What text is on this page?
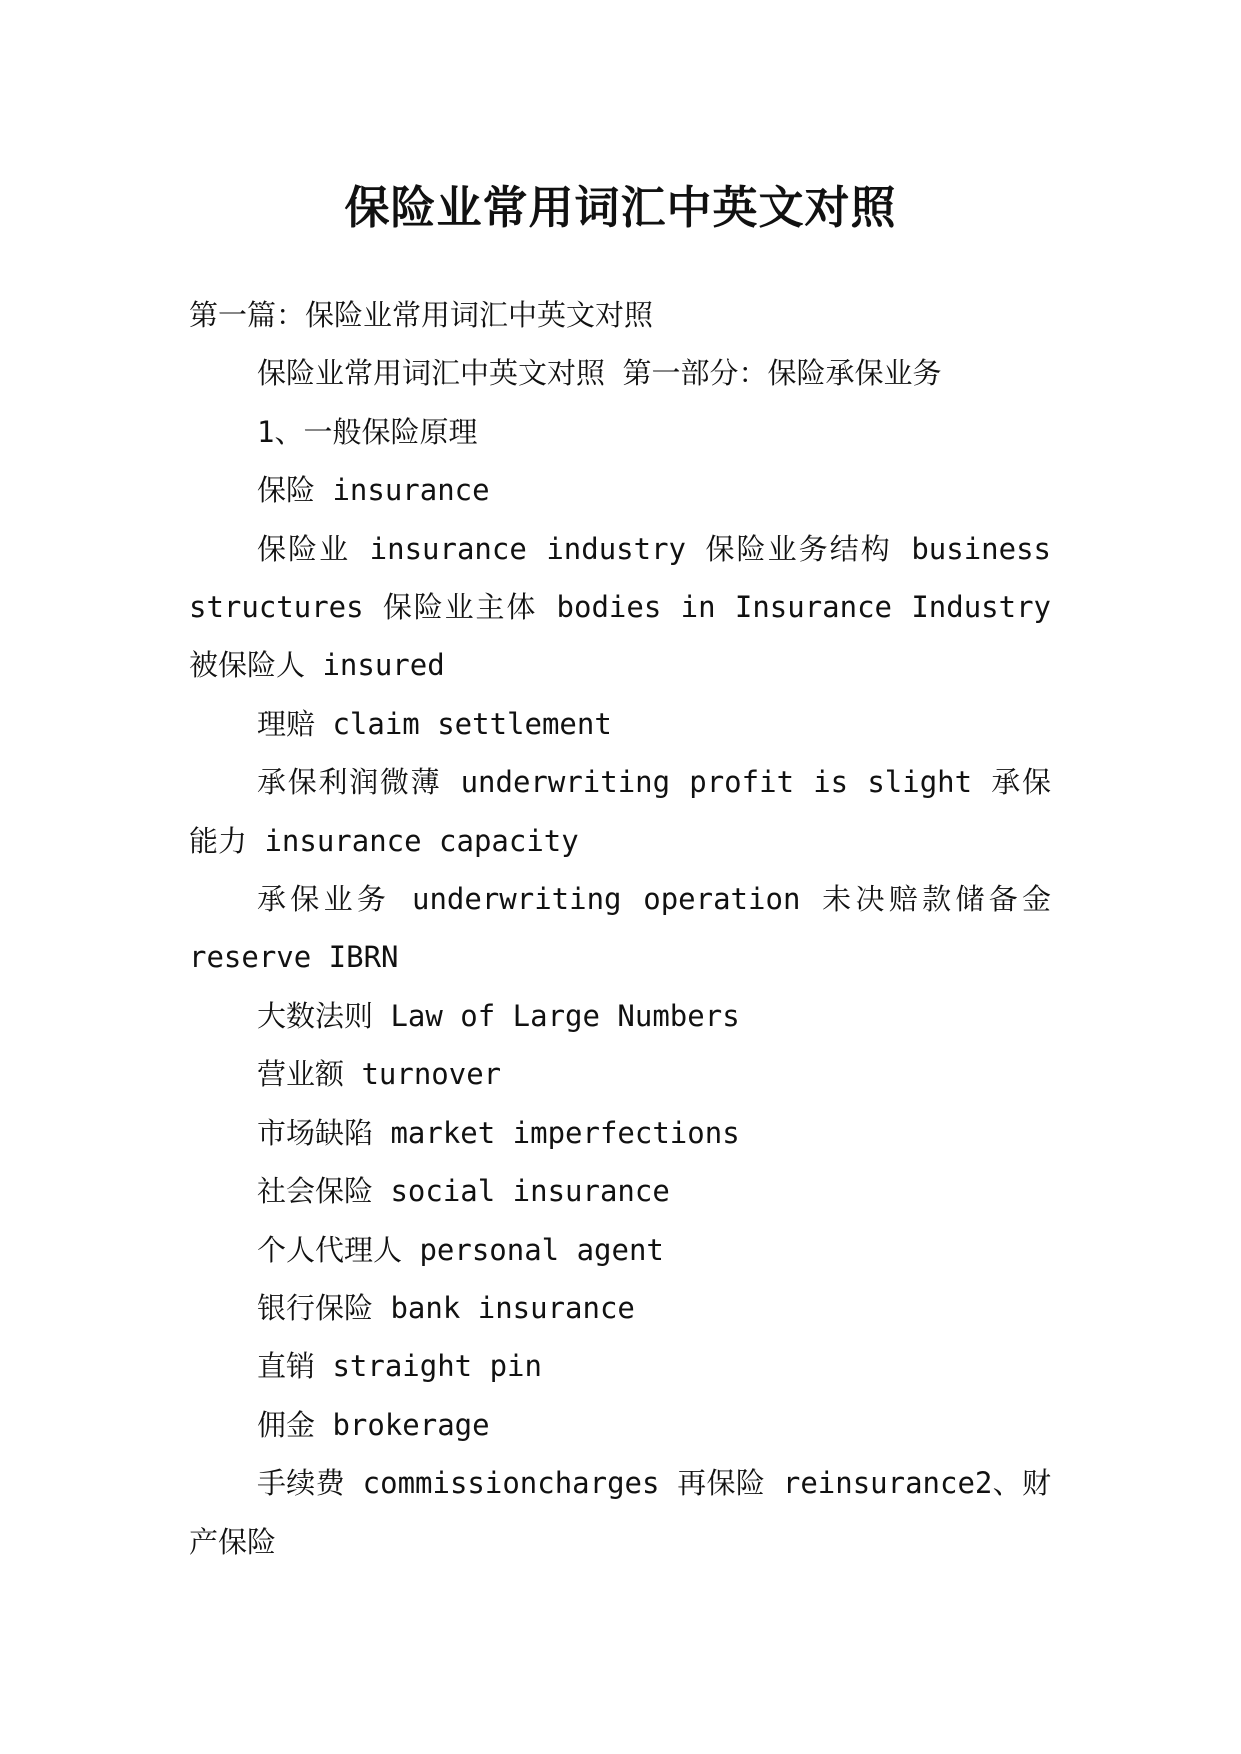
保险业常用词汇中英文对照

第一篇：保险业常用词汇中英文对照

保险业常用词汇中英文对照 第一部分：保险承保业务

1、一般保险原理

保险 insurance

保险业 insurance industry 保险业务结构 business structures 保险业主体 bodies in Insurance Industry 被保险人 insured

理赔 claim settlement

承保利润微薄 underwriting profit is slight 承保能力 insurance capacity

承保业务 underwriting operation 未决赔款储备金 reserve IBRN

大数法则 Law of Large Numbers

营业额 turnover

市场缺陷 market imperfections

社会保险 social insurance

个人代理人 personal agent

银行保险 bank insurance

直销 straight pin

佣金 brokerage

手续费 commissioncharges 再保险 reinsurance2、财产保险
